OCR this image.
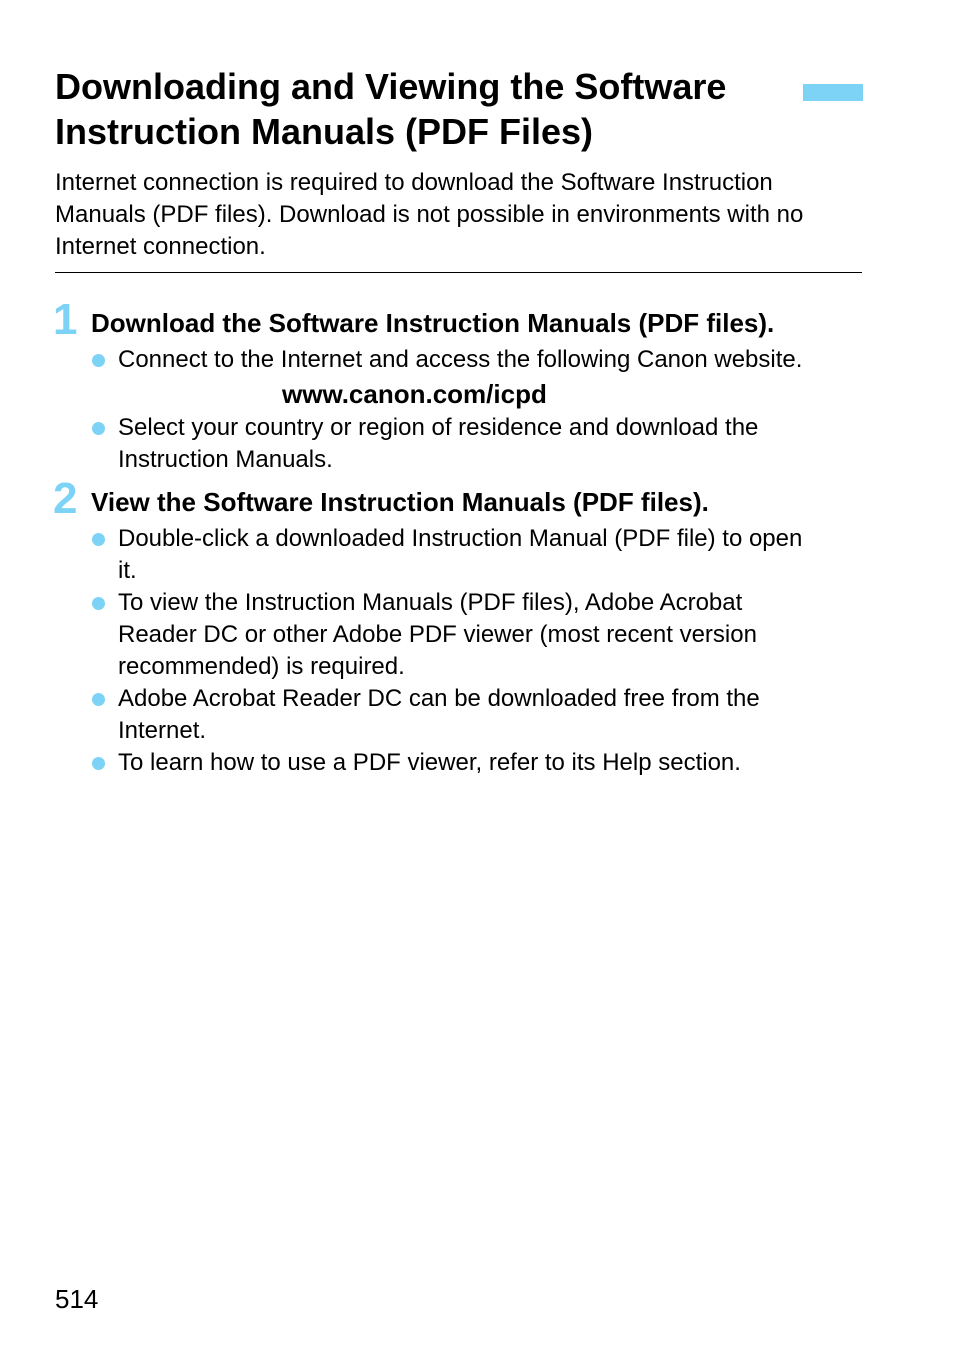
Downloading and Viewing the Software
Instruction Manuals (PDF Files)
Internet connection is required to download the Software Instruction
Manuals (PDF files). Download is not possible in environments with no
Internet connection.
1 Download the Software Instruction Manuals (PDF files).
Connect to the Internet and access the following Canon website.
www.canon.com/icpd
Select your country or region of residence and download the
Instruction Manuals.
2 View the Software Instruction Manuals (PDF files).
Double-click a downloaded Instruction Manual (PDF file) to open
it.
To view the Instruction Manuals (PDF files), Adobe Acrobat
Reader DC or other Adobe PDF viewer (most recent version
recommended) is required.
Adobe Acrobat Reader DC can be downloaded free from the
Internet.
To learn how to use a PDF viewer, refer to its Help section.
514
